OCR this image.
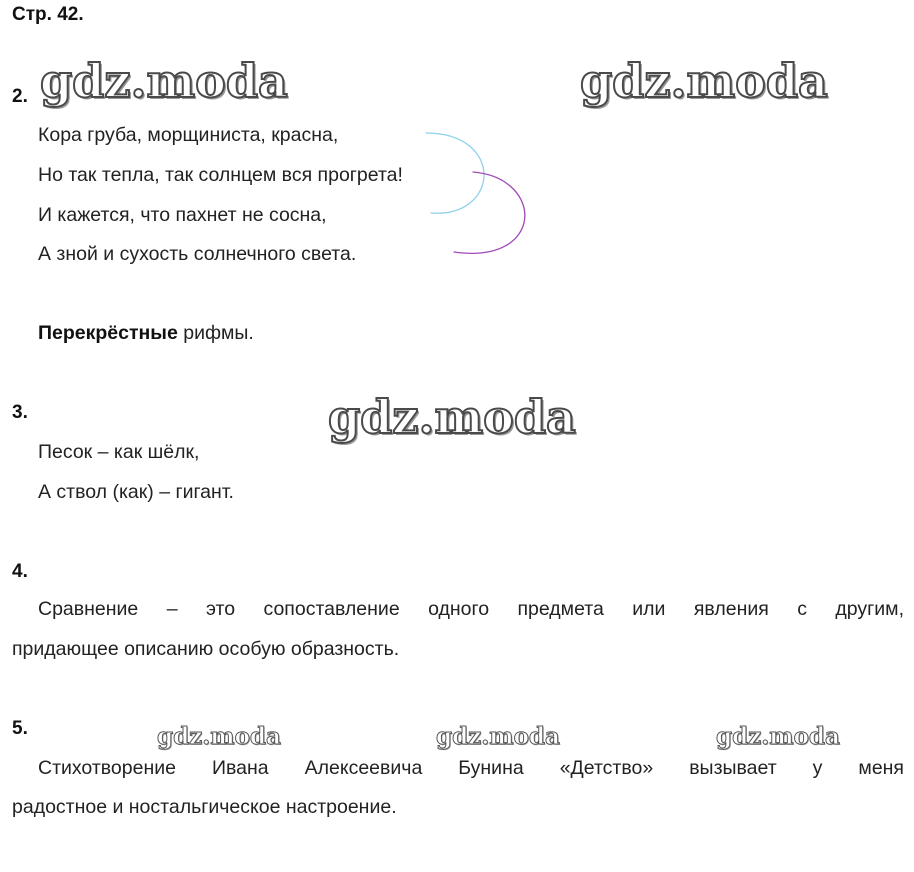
Стр. 42.
gdz.moda	gdz.moda
gdz.moda
gdz.moda	gdz.moda	gdz.moda
2.
Кора груба, морщиниста, красна,
Но так тепла, так солнцем вся прогрета!
И кажется, что пахнет не сосна,
А зной и сухость солнечного света.
Перекрёстные рифмы.
3.
Песок – как шёлк,
А ствол (как) – гигант.
4.
Сравнение – это сопоставление одного предмета или явления с другим,
придающее описанию особую образность.
5.
Стихотворение Ивана Алексеевича Бунина «Детство» вызывает у меня
радостное и ностальгическое настроение.
